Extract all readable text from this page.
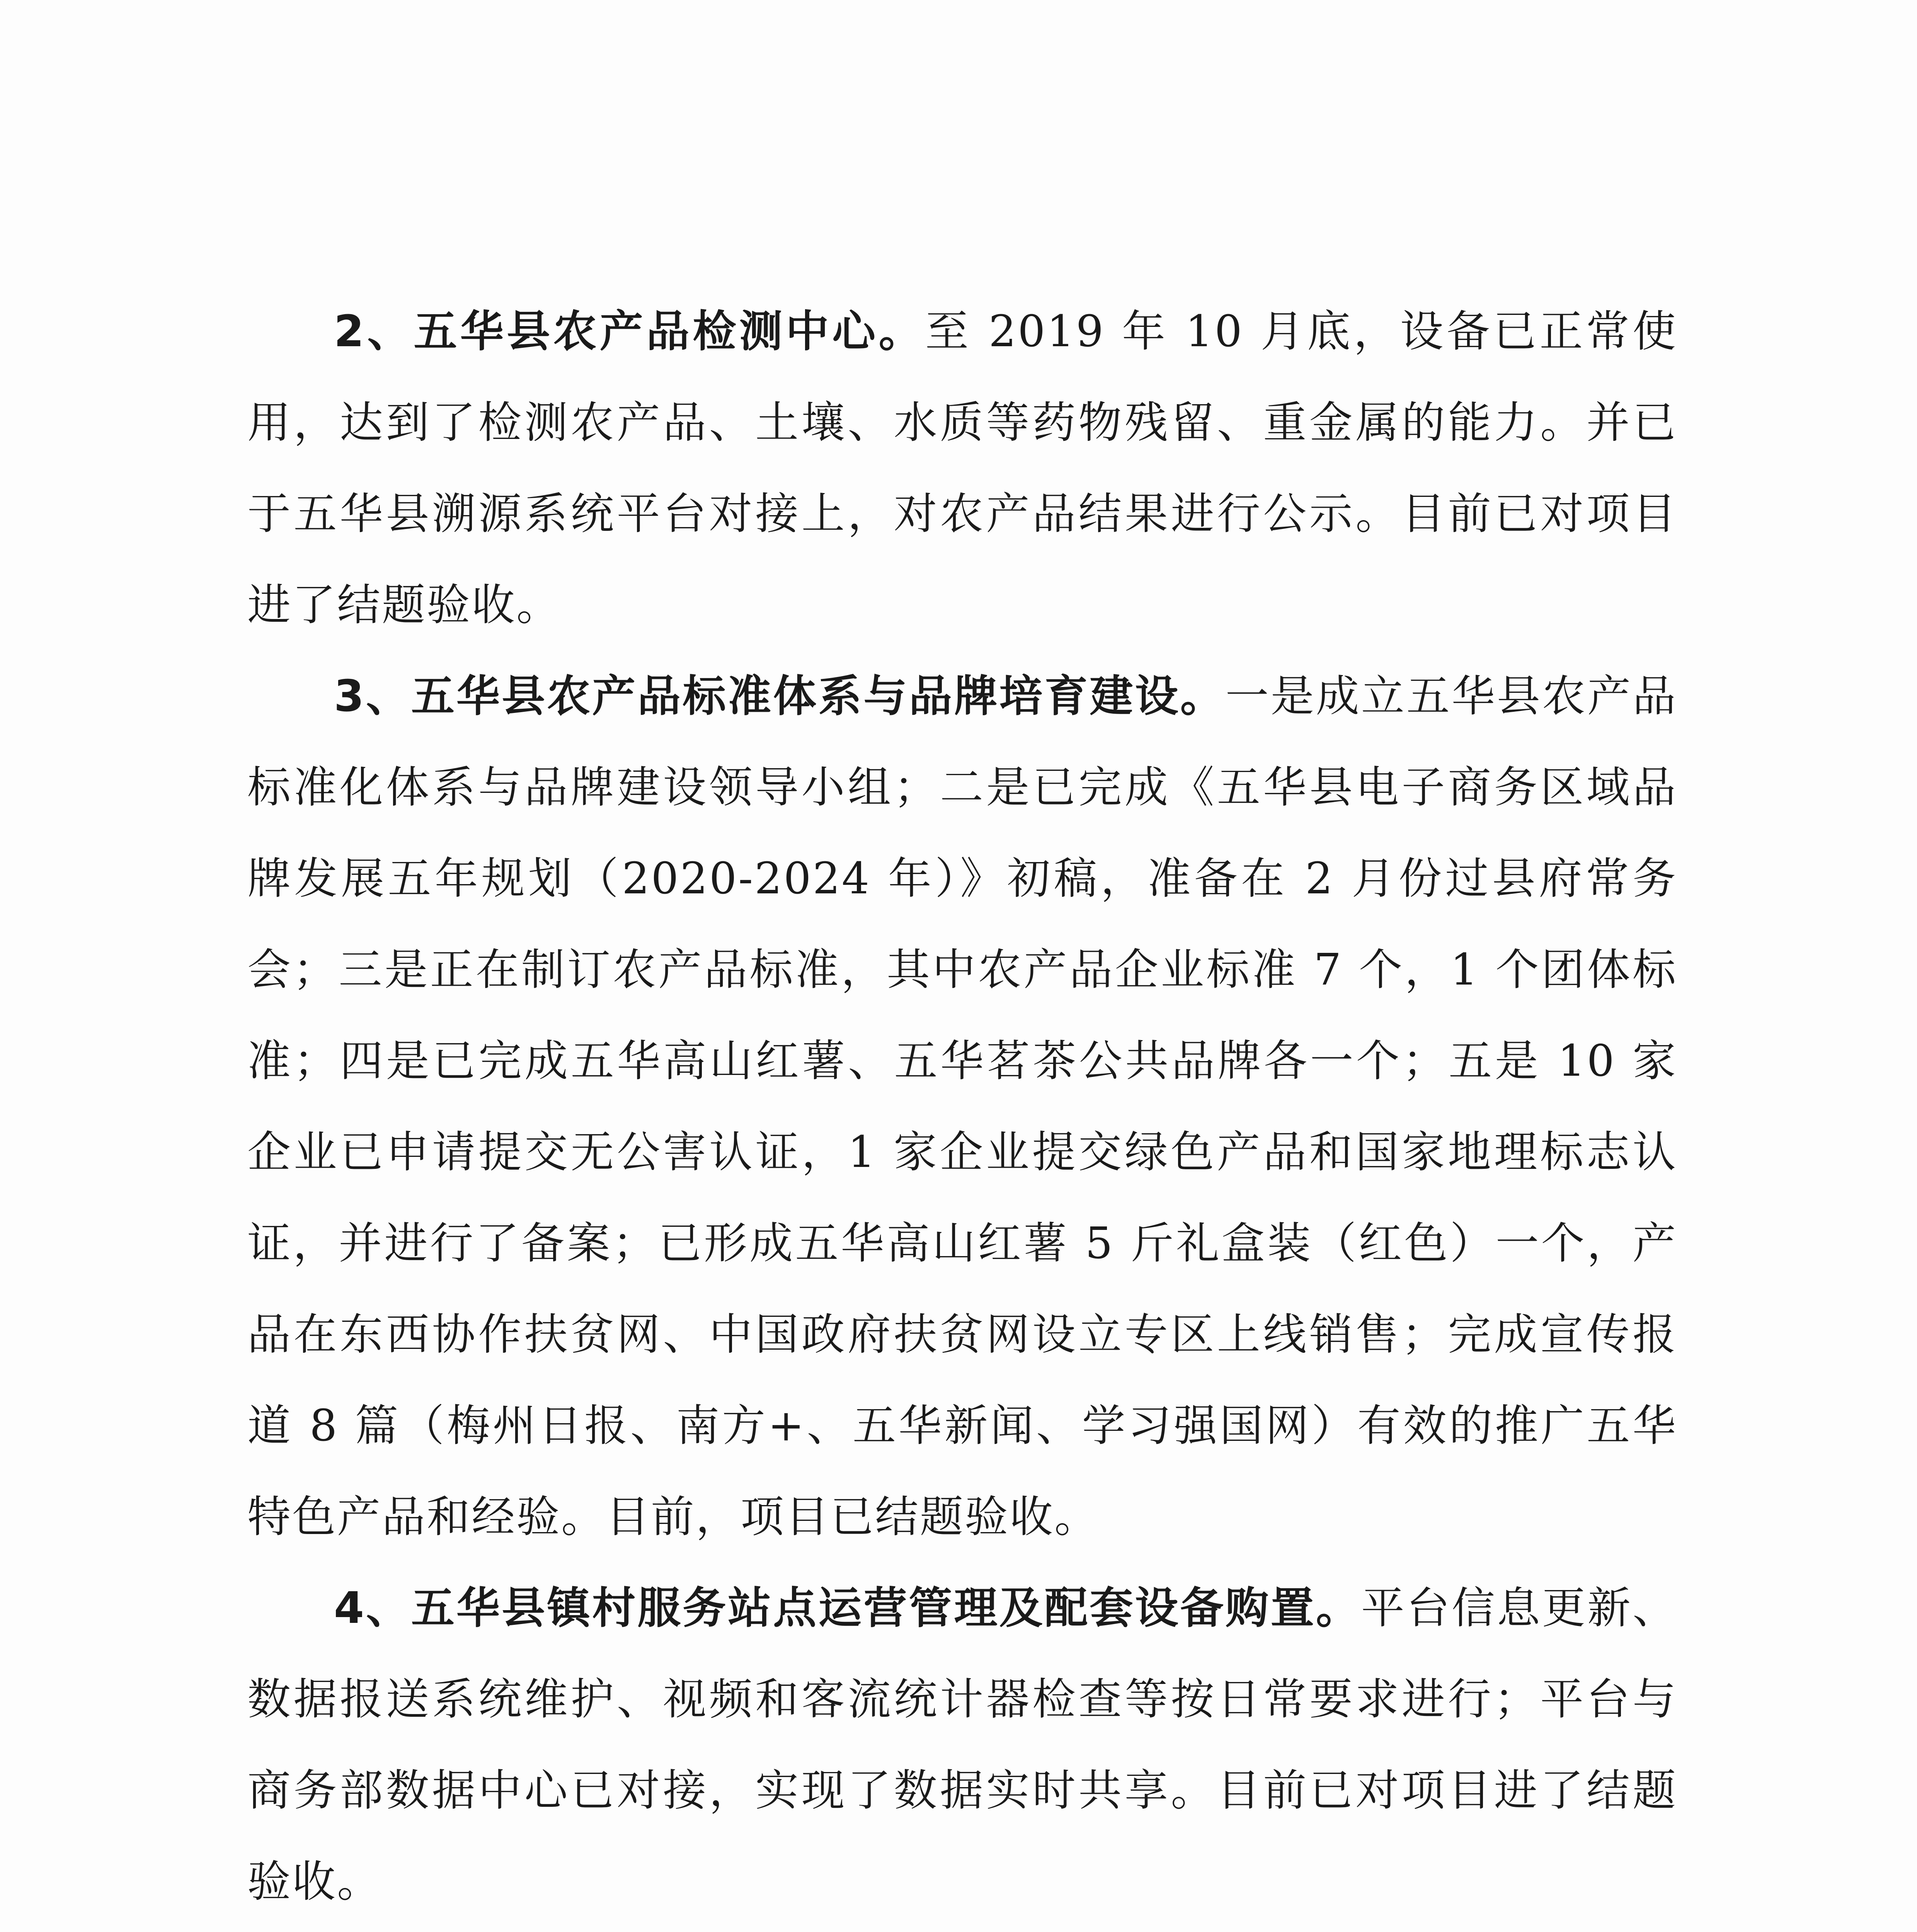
2、五华县农产品检测中心。至 2019 年 10 月底，设备已正常使用，达到了检测农产品、土壤、水质等药物残留、重金属的能力。并已于五华县溯源系统平台对接上，对农产品结果进行公示。目前已对项目进了结题验收。

3、五华县农产品标准体系与品牌培育建设。一是成立五华县农产品标准化体系与品牌建设领导小组；二是已完成《五华县电子商务区域品牌发展五年规划（2020-2024 年）》初稿，准备在 2 月份过县府常务会；三是正在制订农产品标准，其中农产品企业标准 7 个，1 个团体标准；四是已完成五华高山红薯、五华茗茶公共品牌各一个；五是 10 家企业已申请提交无公害认证，1 家企业提交绿色产品和国家地理标志认证，并进行了备案；已形成五华高山红薯 5 斤礼盒装（红色）一个，产品在东西协作扶贫网、中国政府扶贫网设立专区上线销售；完成宣传报道 8 篇（梅州日报、南方+、五华新闻、学习强国网）有效的推广五华特色产品和经验。目前，项目已结题验收。

4、五华县镇村服务站点运营管理及配套设备购置。平台信息更新、数据报送系统维护、视频和客流统计器检查等按日常要求进行；平台与商务部数据中心已对接，实现了数据实时共享。目前已对项目进了结题验收。
